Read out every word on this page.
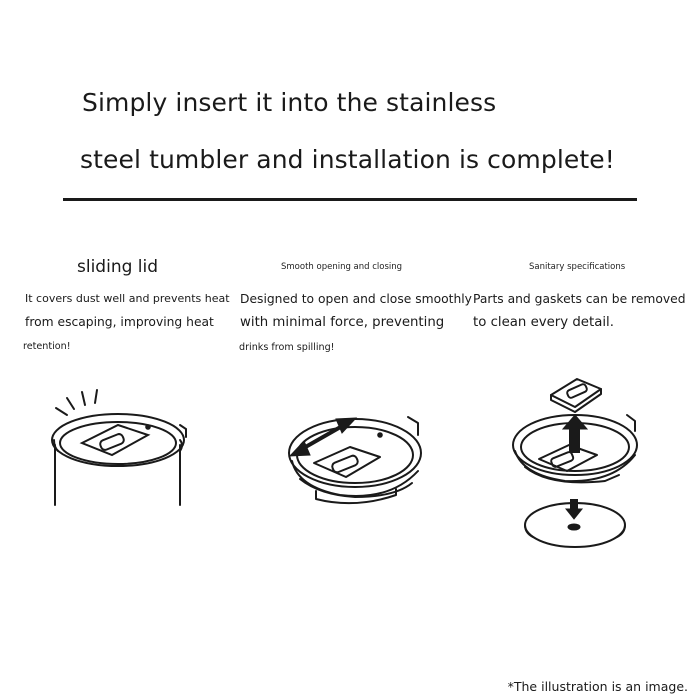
Simply insert it into the stainless
steel tumbler and installation is complete!
sliding lid
It covers dust well and prevents heat
from escaping, improving heat
retention!
Smooth opening and closing
Designed to open and close smoothly
with minimal force, preventing
drinks from spilling!
Sanitary specifications
Parts and gaskets can be removed
to clean every detail.
*The illustration is an image.
